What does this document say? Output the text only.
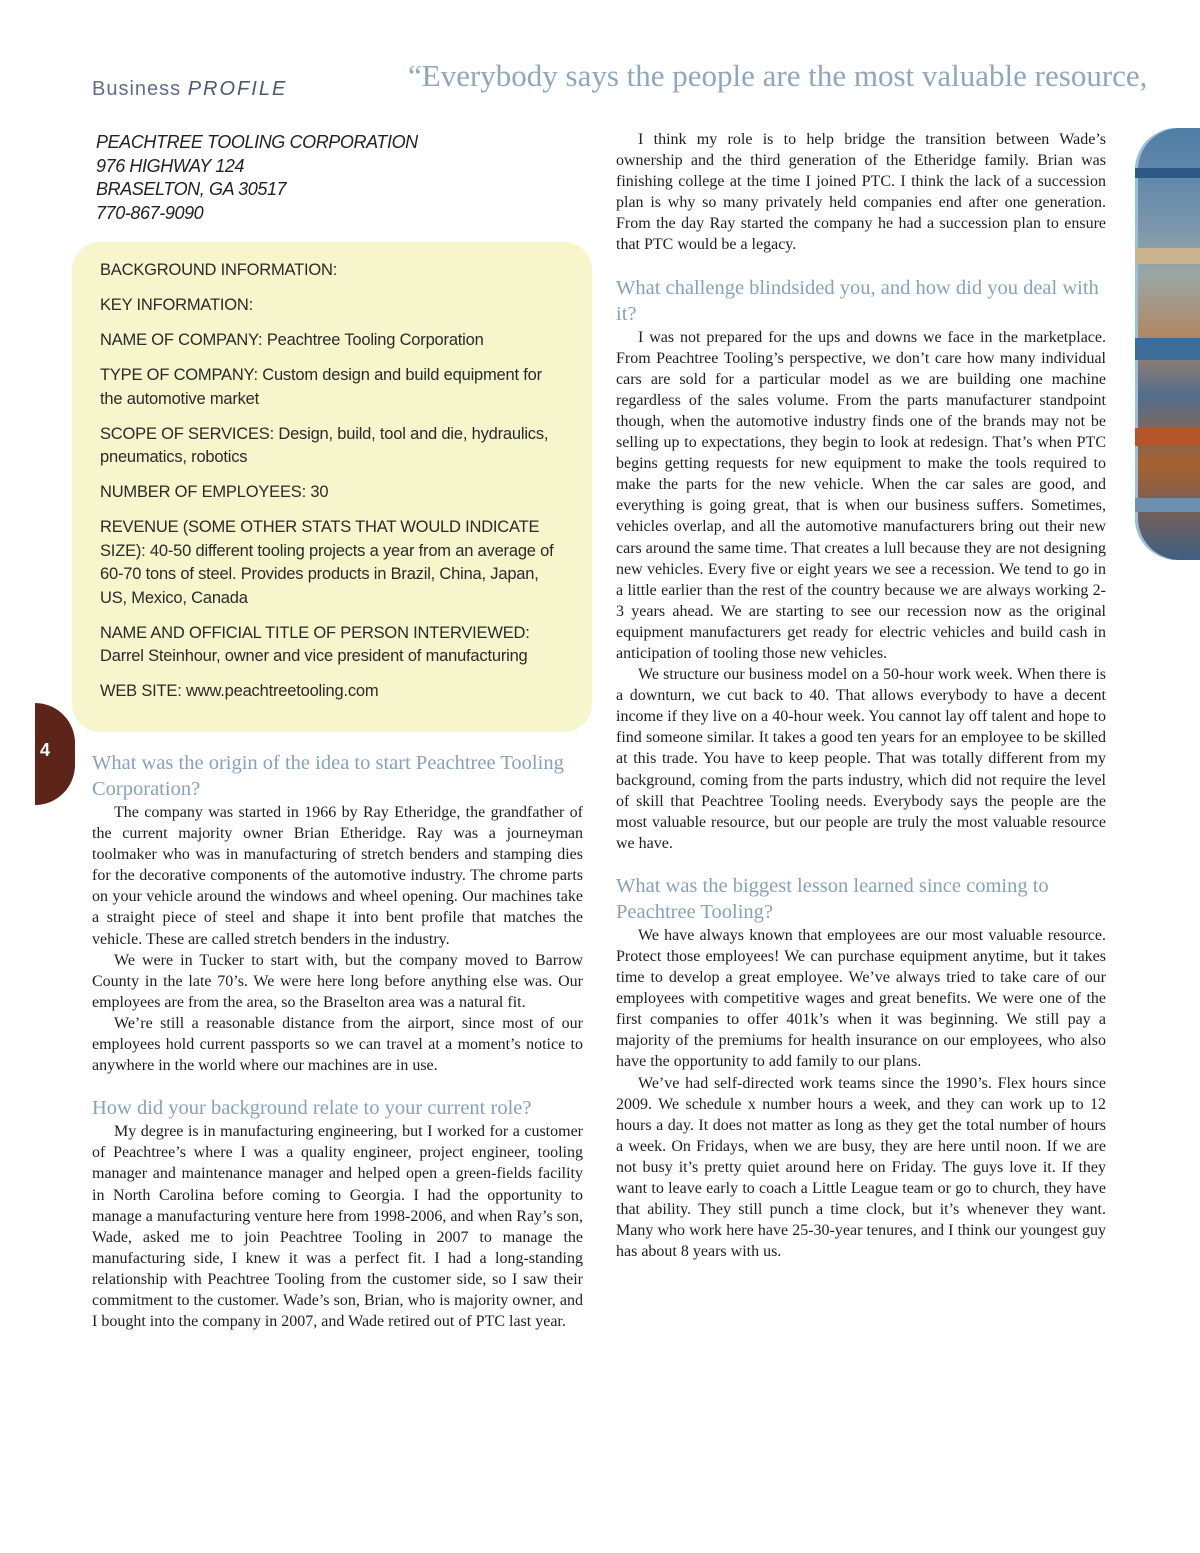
Business PROFILE	“Everybody says the people are the most valuable resource,
PEACHTREE TOOLING CORPORATION
976 HIGHWAY 124
BRASELTON, GA 30517
770-867-9090

BACKGROUND INFORMATION:

KEY INFORMATION:

NAME OF COMPANY: Peachtree Tooling Corporation

TYPE OF COMPANY: Custom design and build equipment for the automotive market

SCOPE OF SERVICES: Design, build, tool and die, hydraulics, pneumatics, robotics

NUMBER OF EMPLOYEES: 30

REVENUE (SOME OTHER STATS THAT WOULD INDICATE SIZE): 40-50 different tooling projects a year from an average of 60-70 tons of steel. Provides products in Brazil, China, Japan, US, Mexico, Canada

NAME AND OFFICIAL TITLE OF PERSON INTERVIEWED: Darrel Steinhour, owner and vice president of manufacturing

WEB SITE: www.peachtreetooling.com

4
What was the origin of the idea to start Peachtree Tooling Corporation?

The company was started in 1966 by Ray Etheridge, the grandfather of the current majority owner Brian Etheridge. Ray was a journeyman toolmaker who was in manufacturing of stretch benders and stamping dies for the decorative components of the automotive industry. The chrome parts on your vehicle around the windows and wheel opening. Our machines take a straight piece of steel and shape it into bent profile that matches the vehicle. These are called stretch benders in the industry.

We were in Tucker to start with, but the company moved to Barrow County in the late 70’s. We were here long before anything else was. Our employees are from the area, so the Braselton area was a natural fit.

We’re still a reasonable distance from the airport, since most of our employees hold current passports so we can travel at a moment’s notice to anywhere in the world where our machines are in use.

How did your background relate to your current role?

My degree is in manufacturing engineering, but I worked for a customer of Peachtree’s where I was a quality engineer, project engineer, tooling manager and maintenance manager and helped open a green-fields facility in North Carolina before coming to Georgia. I had the opportunity to manage a manufacturing venture here from 1998-2006, and when Ray’s son, Wade, asked me to join Peachtree Tooling in 2007 to manage the manufacturing side, I knew it was a perfect fit. I had a long-standing relationship with Peachtree Tooling from the customer side, so I saw their commitment to the customer. Wade’s son, Brian, who is majority owner, and I bought into the company in 2007, and Wade retired out of PTC last year.

I think my role is to help bridge the transition between Wade’s ownership and the third generation of the Etheridge family. Brian was finishing college at the time I joined PTC. I think the lack of a succession plan is why so many privately held companies end after one generation. From the day Ray started the company he had a succession plan to ensure that PTC would be a legacy.

What challenge blindsided you, and how did you deal with it?

I was not prepared for the ups and downs we face in the marketplace. From Peachtree Tooling’s perspective, we don’t care how many individual cars are sold for a particular model as we are building one machine regardless of the sales volume. From the parts manufacturer standpoint though, when the automotive industry finds one of the brands may not be selling up to expectations, they begin to look at redesign. That’s when PTC begins getting requests for new equipment to make the tools required to make the parts for the new vehicle. When the car sales are good, and everything is going great, that is when our business suffers. Sometimes, vehicles overlap, and all the automotive manufacturers bring out their new cars around the same time. That creates a lull because they are not designing new vehicles. Every five or eight years we see a recession. We tend to go in a little earlier than the rest of the country because we are always working 2-3 years ahead. We are starting to see our recession now as the original equipment manufacturers get ready for electric vehicles and build cash in anticipation of tooling those new vehicles.

We structure our business model on a 50-hour work week. When there is a downturn, we cut back to 40. That allows everybody to have a decent income if they live on a 40-hour week. You cannot lay off talent and hope to find someone similar. It takes a good ten years for an employee to be skilled at this trade. You have to keep people. That was totally different from my background, coming from the parts industry, which did not require the level of skill that Peachtree Tooling needs. Everybody says the people are the most valuable resource, but our people are truly the most valuable resource we have.

What was the biggest lesson learned since coming to Peachtree Tooling?

We have always known that employees are our most valuable resource. Protect those employees! We can purchase equipment anytime, but it takes time to develop a great employee. We’ve always tried to take care of our employees with competitive wages and great benefits. We were one of the first companies to offer 401k’s when it was beginning. We still pay a majority of the premiums for health insurance on our employees, who also have the opportunity to add family to our plans.

We’ve had self-directed work teams since the 1990’s. Flex hours since 2009. We schedule x number hours a week, and they can work up to 12 hours a day. It does not matter as long as they get the total number of hours a week. On Fridays, when we are busy, they are here until noon. If we are not busy it’s pretty quiet around here on Friday. The guys love it. If they want to leave early to coach a Little League team or go to church, they have that ability. They still punch a time clock, but it’s whenever they want. Many who work here have 25-30-year tenures, and I think our youngest guy has about 8 years with us.
